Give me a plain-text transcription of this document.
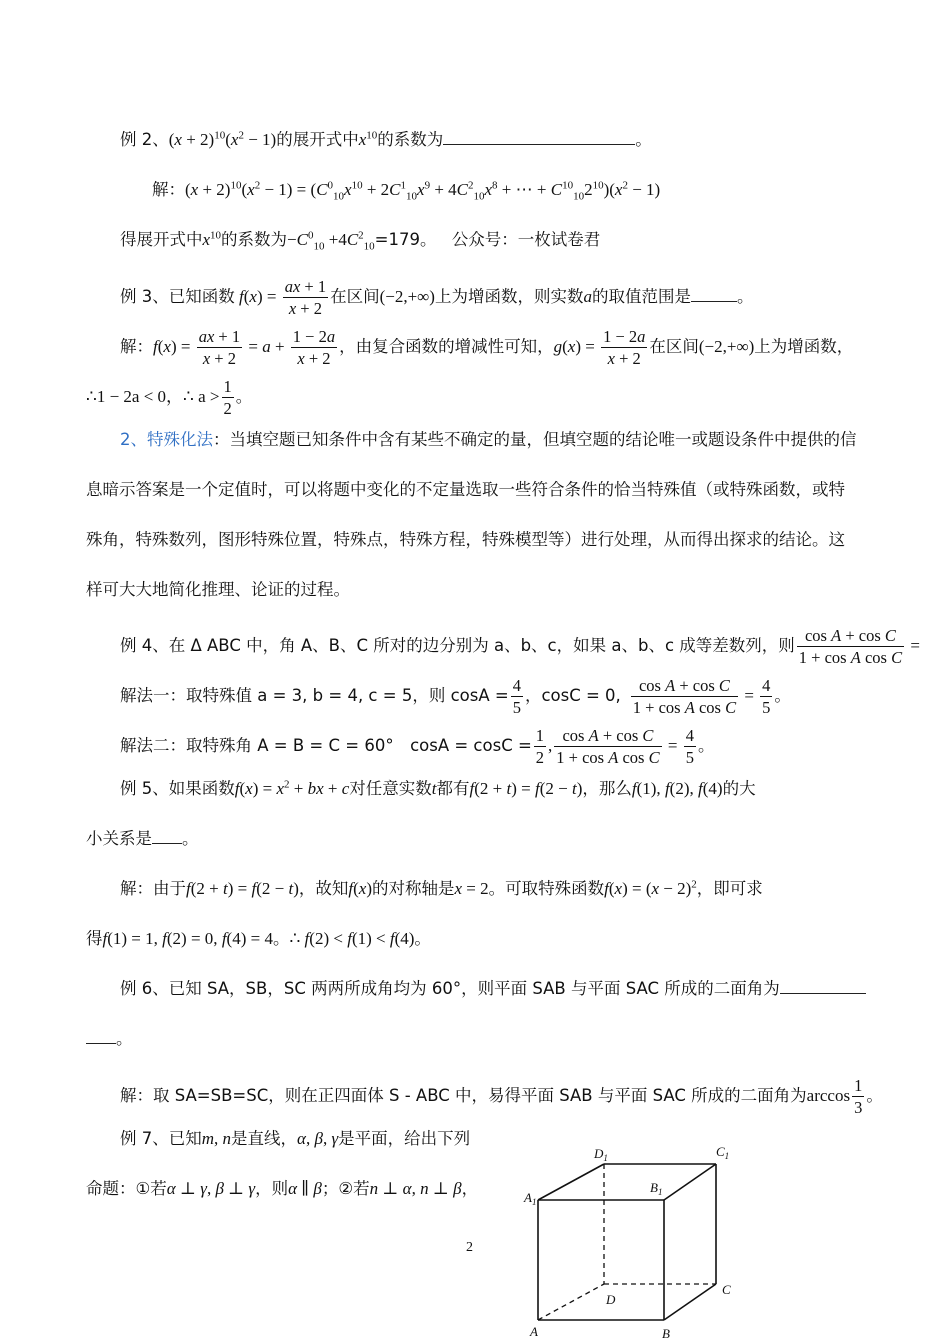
例 2、$(x + 2)^{10}(x^2 - 1)$的展开式中$x^{10}$的系数为	。
解：$(x + 2)^{10}(x^2 - 1) = (C^0_{10}x^{10} + 2C^1_{10}x^9 + 4C^2_{10}x^8$ + ⋯ + $C^{10}_{10}2^{10})(x^2 - 1)$
得展开式中$x^{10}$的系数为$-C^0_{10} +4C^2_{10}=179$。 公众号：一枚试卷君
例 3、已知函数 $f(x) = \frac{ax + 1}{x + 2}$ 在区间(−2,+∞)上为增函数，则实数a的取值范围是	。
解：$f(x) = \frac{ax + 1}{x + 2} = a + \frac{1 - 2a}{x + 2}$ ，由复合函数的增减性可知，$g(x) = \frac{1 - 2a}{x + 2}$ 在区间(−2,+∞)上为增函数，
∴1 − 2a < 0，∴ $a > \frac{1}{2}$ 。
2、特殊化法：当填空题已知条件中含有某些不确定的量，但填空题的结论唯一或题设条件中提供的信
息暗示答案是一个定值时，可以将题中变化的不定量选取一些符合条件的恰当特殊值（或特殊函数，或特
殊角，特殊数列，图形特殊位置，特殊点，特殊方程，特殊模型等）进行处理，从而得出探求的结论。这
样可大大地简化推理、论证的过程。
例 4、在 Δ ABC 中，角 A、B、C 所对的边分别为 a、b、c，如果 a、b、c 成等差数列，则 $\frac{\text{cos A + cos C}}{\text{1 + cos A cos C}}$ =
解法一：取特殊值 a = 3, b = 4, c = 5，则 $\cos A = \frac{4}{5}$ ，cosC = 0, $\frac{\text{cos A + cos C}}{\text{1 + cos A cos C}} = \frac{4}{5}$ 。
解法二：取特殊角 A = B = C = 60°　$\cos A = \cos C = \frac{1}{2}$ , $\frac{\text{cos A + cos C}}{\text{1 + cos A cos C}} = \frac{4}{5}$ 。
例 5、如果函数$f(x) = x^2$ + bx + c对任意实数t都有f(2 + t) = f(2 − t)，那么f(1), f(2), f(4)的大
小关系是 。
解：由于f(2 + t) = f(2 − t)，故知f(x)的对称轴是x = 2。可取特殊函数$f(x) = (x - 2)^2$，即可求
得f(1) = 1, f(2) = 0, f(4) = 4。∴ f(2) < f(1) < f(4)。
例 6、已知 SA，SB，SC 两两所成角均为 60°，则平面 SAB 与平面 SAC 所成的二面角为
。
解：取 SA=SB=SC，则在正四面体 S - ABC 中，易得平面 SAB 与平面 SAC 所成的二面角为$\arccos \frac{1}{3}$ 。
例 7、已知m, n是直线，α, β, γ是平面，给出下列
命题：①若α ⊥ γ, β ⊥ γ，则α ∥ β；②若n ⊥ α, n ⊥ β，
2
$D_1$	$C_1$
$A_1$
$B_1$
D
C
A	B
